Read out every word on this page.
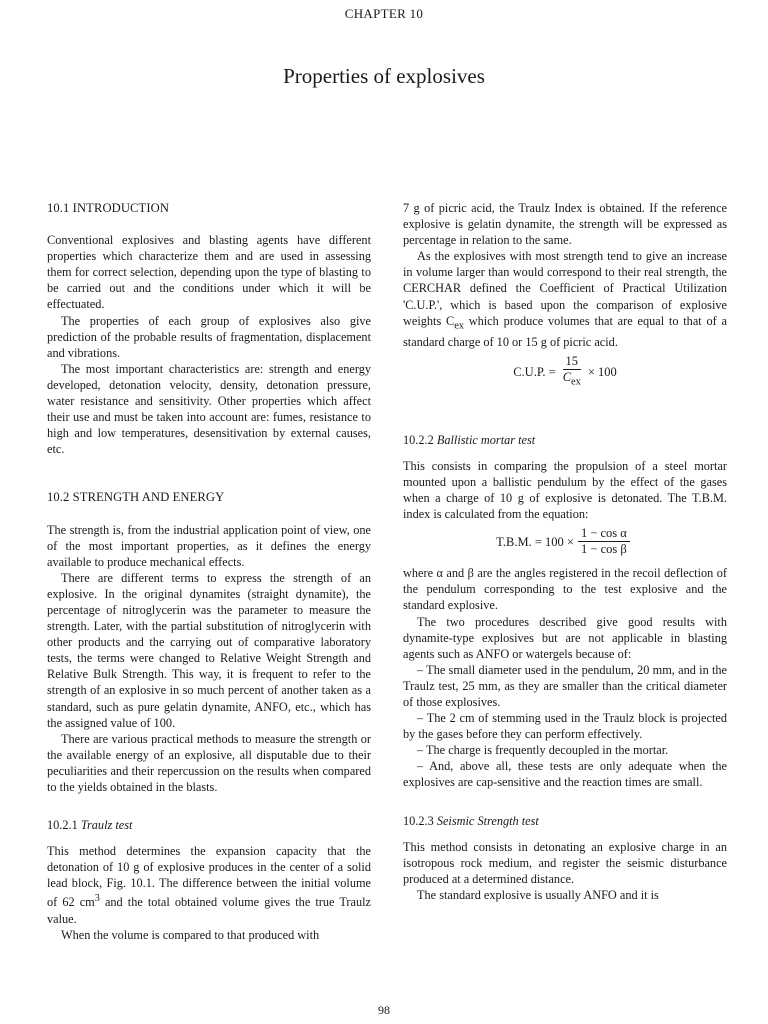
CHAPTER 10
Properties of explosives
10.1 INTRODUCTION

Conventional explosives and blasting agents have different properties which characterize them and are used in assessing them for correct selection, depending upon the type of blasting to be carried out and the conditions under which it will be effectuated.

The properties of each group of explosives also give prediction of the probable results of fragmentation, displacement and vibrations.

The most important characteristics are: strength and energy developed, detonation velocity, density, detonation pressure, water resistance and sensitivity. Other properties which affect their use and must be taken into account are: fumes, resistance to high and low temperatures, desensitivation by external causes, etc.

10.2 STRENGTH AND ENERGY

The strength is, from the industrial application point of view, one of the most important properties, as it defines the energy available to produce mechanical effects.

There are different terms to express the strength of an explosive. In the original dynamites (straight dynamite), the percentage of nitroglycerin was the parameter to measure the strength. Later, with the partial substitution of nitroglycerin with other products and the carrying out of comparative laboratory tests, the terms were changed to Relative Weight Strength and Relative Bulk Strength. This way, it is frequent to refer to the strength of an explosive in so much percent of another taken as a standard, such as pure gelatin dynamite, ANFO, etc., which has the assigned value of 100.

There are various practical methods to measure the strength or the available energy of an explosive, all disputable due to their peculiarities and their repercussion on the results when compared to the yields obtained in the blasts.

10.2.1 Traulz test

This method determines the expansion capacity that the detonation of 10 g of explosive produces in the center of a solid lead block, Fig. 10.1. The difference between the initial volume of 62 $cm^3$ and the total obtained volume gives the true Traulz value.

When the volume is compared to that produced with

7 g of picric acid, the Traulz Index is obtained. If the reference explosive is gelatin dynamite, the strength will be expressed as percentage in relation to the same.

As the explosives with most strength tend to give an increase in volume larger than would correspond to their real strength, the CERCHAR defined the Coefficient of Practical Utilization 'C.U.P.', which is based upon the comparison of explosive weights $C_{ex}$ which produce volumes that are equal to that of a standard charge of 10 or 15 g of picric acid.

C.U.P. = $\frac{15}{C_{ex}} \times 100$
10.2.2 Ballistic mortar test

This consists in comparing the propulsion of a steel mortar mounted upon a ballistic pendulum by the effect of the gases when a charge of 10 g of explosive is detonated. The T.B.M. index is calculated from the equation:

T.B.M. = $100 \times \frac{\text{1 − cos α}}{\text{1 − cos β}}$

where α and β are the angles registered in the recoil deflection of the pendulum corresponding to the test explosive and the standard explosive.

The two procedures described give good results with dynamite-type explosives but are not applicable in blasting agents such as ANFO or watergels because of:

– The small diameter used in the pendulum, 20 mm, and in the Traulz test, 25 mm, as they are smaller than the critical diameter of those explosives.

– The 2 cm of stemming used in the Traulz block is projected by the gases before they can perform effectively.

– The charge is frequently decoupled in the mortar.

– And, above all, these tests are only adequate when the explosives are cap-sensitive and the reaction times are small.

10.2.3 Seismic Strength test

This method consists in detonating an explosive charge in an isotropous rock medium, and register the seismic disturbance produced at a determined distance.

The standard explosive is usually ANFO and it is

98
